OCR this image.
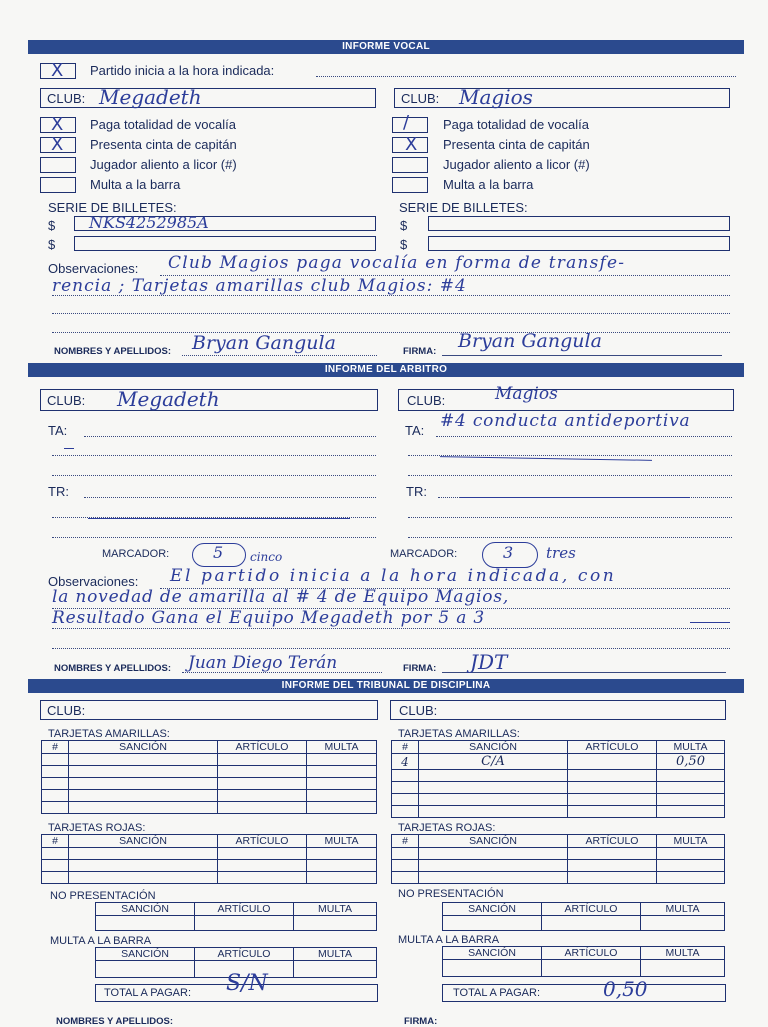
INFORME VOCAL
X Partido inicia a la hora indicada:
CLUB: Megadeth	CLUB: Magios
X Paga totalidad de vocalía
X Presenta cinta de capitán
Jugador aliento a licor (#)
Multa a la barra
/	Paga totalidad de vocalía
X Presenta cinta de capitán
Jugador aliento a licor (#)
Multa a la barra
SERIE DE BILLETES:	SERIE DE BILLETES:
$ NKS4252985A
$
$
$
Observaciones: Club Magios paga vocalía en forma de transfe-
rencia ; Tarjetas amarillas club Magios: #4
NOMBRES Y APELLIDOS: Bryan Gangula	FIRMA: Bryan Gangula
INFORME DEL ARBITRO
CLUB: Megadeth	CLUB:	Magios
TA:	TA: #4 conducta antideportiva
TR:	TR:
MARCADOR:	5 cinco	MARCADOR:	3 tres
Observaciones: El partido inicia a la hora indicada, con
la novedad de amarilla al # 4 de Equipo Magios,
Resultado Gana el Equipo Megadeth por 5 a 3
NOMBRES Y APELLIDOS: Juan Diego Terán	FIRMA: JDT
INFORME DEL TRIBUNAL DE DISCIPLINA
CLUB:	CLUB:
TARJETAS AMARILLAS:
#	SANCIÓN	ARTÍCULO	MULTA

TARJETAS AMARILLAS:
#	SANCIÓN	ARTÍCULO	MULTA
4	C/A		0,50

TARJETAS ROJAS:
#	SANCIÓN	ARTÍCULO	MULTA

TARJETAS ROJAS:
#	SANCIÓN	ARTÍCULO	MULTA

NO PRESENTACIÓN
SANCIÓN	ARTÍCULO	MULTA

NO PRESENTACIÓN
SANCIÓN	ARTÍCULO	MULTA

MULTA A LA BARRA
SANCIÓN	ARTÍCULO	MULTA

TOTAL A PAGAR: S/N
MULTA A LA BARRA
SANCIÓN	ARTÍCULO	MULTA

TOTAL A PAGAR:	0,50
NOMBRES Y APELLIDOS:	FIRMA:
